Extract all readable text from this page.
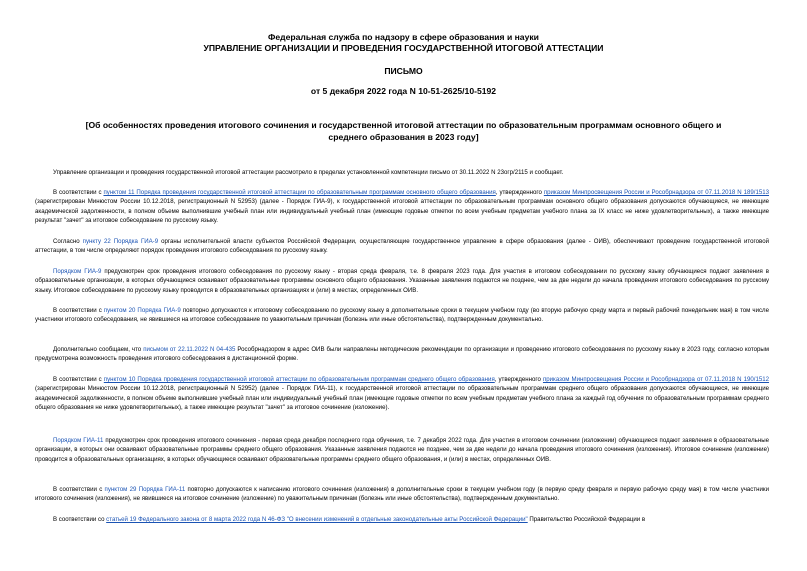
Федеральная служба по надзору в сфере образования и науки
УПРАВЛЕНИЕ ОРГАНИЗАЦИИ И ПРОВЕДЕНИЯ ГОСУДАРСТВЕННОЙ ИТОГОВОЙ АТТЕСТАЦИИ
ПИСЬМО
от 5 декабря 2022 года N 10-51-2625/10-5192
[Об особенностях проведения итогового сочинения и государственной итоговой аттестации по образовательным программам основного общего и среднего образования в 2023 году]
Управление организации и проведения государственной итоговой аттестации рассмотрело в пределах установленной компетенции письмо от 30.11.2022 N 23огр/2115 и сообщает.
В соответствии с пунктом 11 Порядка проведения государственной итоговой аттестации по образовательным программам основного общего образования, утвержденного приказом Минпросвещения России и Рособрнадзора от 07.11.2018 N 189/1513 (зарегистрирован Минюстом России 10.12.2018, регистрационный N 52953) (далее - Порядок ГИА-9), к государственной итоговой аттестации по образовательным программам основного общего образования допускаются обучающиеся, не имеющие академической задолженности, в полном объеме выполнившие учебный план или индивидуальный учебный план (имеющие годовые отметки по всем учебным предметам учебного плана за IX класс не ниже удовлетворительных), а также имеющие результат "зачет" за итоговое собеседование по русскому языку.
Согласно пункту 22 Порядка ГИА-9 органы исполнительной власти субъектов Российской Федерации, осуществляющие государственное управление в сфере образования (далее - ОИВ), обеспечивают проведение государственной итоговой аттестации, в том числе определяют порядок проведения итогового собеседования по русскому языку.
Порядком ГИА-9 предусмотрен срок проведения итогового собеседования по русскому языку - вторая среда февраля, т.е. 8 февраля 2023 года. Для участия в итоговом собеседовании по русскому языку обучающиеся подают заявления в образовательные организации, в которых обучающиеся осваивают образовательные программы основного общего образования. Указанные заявления подаются не позднее, чем за две недели до начала проведения итогового собеседования по русскому языку. Итоговое собеседование по русскому языку проводится в образовательных организациях и (или) в местах, определенных ОИВ.
В соответствии с пунктом 20 Порядка ГИА-9 повторно допускаются к итоговому собеседованию по русскому языку в дополнительные сроки в текущем учебном году (во вторую рабочую среду марта и первый рабочий понедельник мая) в том числе участники итогового собеседования, не явившиеся на итоговое собеседование по уважительным причинам (болезнь или иные обстоятельства), подтвержденным документально.
Дополнительно сообщаем, что письмом от 22.11.2022 N 04-435 Рособрнадзором в адрес ОИВ были направлены методические рекомендации по организации и проведению итогового собеседования по русскому языку в 2023 году, согласно которым предусмотрена возможность проведения итогового собеседования в дистанционной форме.
В соответствии с пунктом 10 Порядка проведения государственной итоговой аттестации по образовательным программам среднего общего образования, утвержденного приказом Минпросвещения России и Рособрнадзора от 07.11.2018 N 190/1512 (зарегистрирован Минюстом России 10.12.2018, регистрационный N 52952) (далее - Порядок ГИА-11), к государственной итоговой аттестации по образовательным программам среднего общего образования допускаются обучающиеся, не имеющие академической задолженности, в полном объеме выполнившие учебный план или индивидуальный учебный план (имеющие годовые отметки по всем учебным предметам учебного плана за каждый год обучения по образовательным программам среднего общего образования не ниже удовлетворительных), а также имеющие результат "зачет" за итоговое сочинение (изложение).
Порядком ГИА-11 предусмотрен срок проведения итогового сочинения - первая среда декабря последнего года обучения, т.е. 7 декабря 2022 года. Для участия в итоговом сочинении (изложении) обучающиеся подают заявления в образовательные организации, в которых они осваивают образовательные программы среднего общего образования. Указанные заявления подаются не позднее, чем за две недели до начала проведения итогового сочинения (изложения). Итоговое сочинение (изложение) проводится в образовательных организациях, в которых обучающиеся осваивают образовательные программы среднего общего образования, и (или) в местах, определенных ОИВ.
В соответствии с пунктом 29 Порядка ГИА-11 повторно допускаются к написанию итогового сочинения (изложения) в дополнительные сроки в текущем учебном году (в первую среду февраля и первую рабочую среду мая) в том числе участники итогового сочинения (изложения), не явившиеся на итоговое сочинение (изложение) по уважительным причинам (болезнь или иные обстоятельства), подтвержденным документально.
В соответствии со статьей 19 Федерального закона от 8 марта 2022 года N 46-ФЗ "О внесении изменений в отдельные законодательные акты Российской Федерации" Правительство Российской Федерации в
